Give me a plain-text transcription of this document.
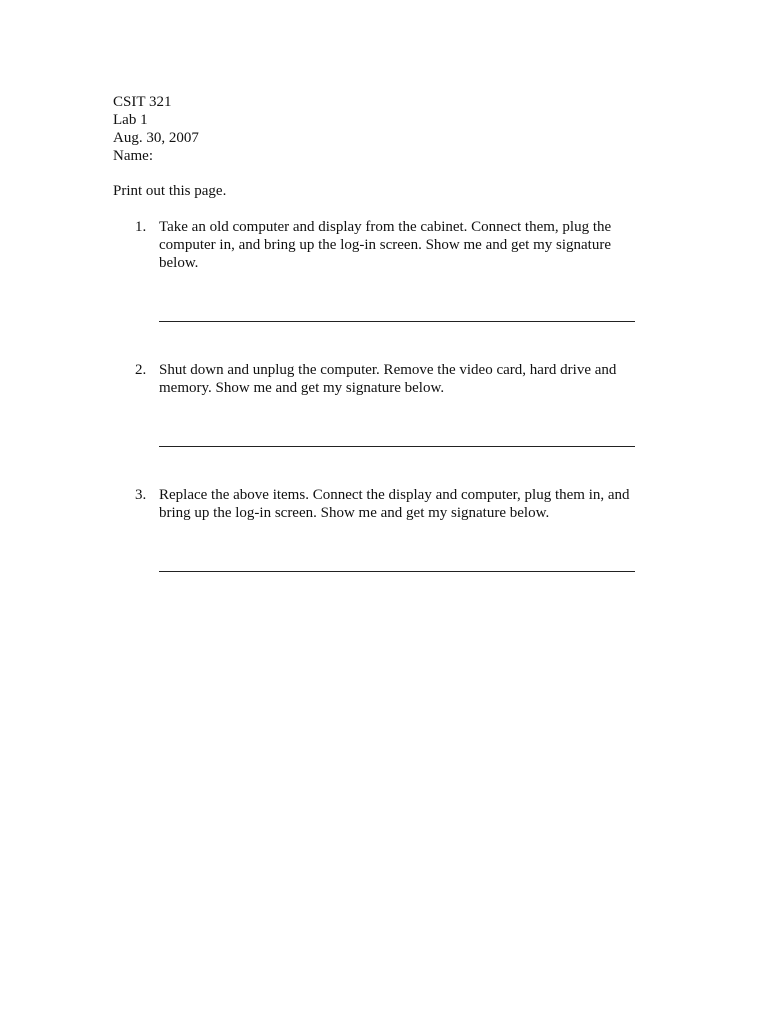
CSIT 321
Lab 1
Aug. 30, 2007
Name:
Print out this page.
1. Take an old computer and display from the cabinet. Connect them, plug the computer in, and bring up the log-in screen. Show me and get my signature below.
2. Shut down and unplug the computer. Remove the video card, hard drive and memory. Show me and get my signature below.
3. Replace the above items. Connect the display and computer, plug them in, and bring up the log-in screen. Show me and get my signature below.
